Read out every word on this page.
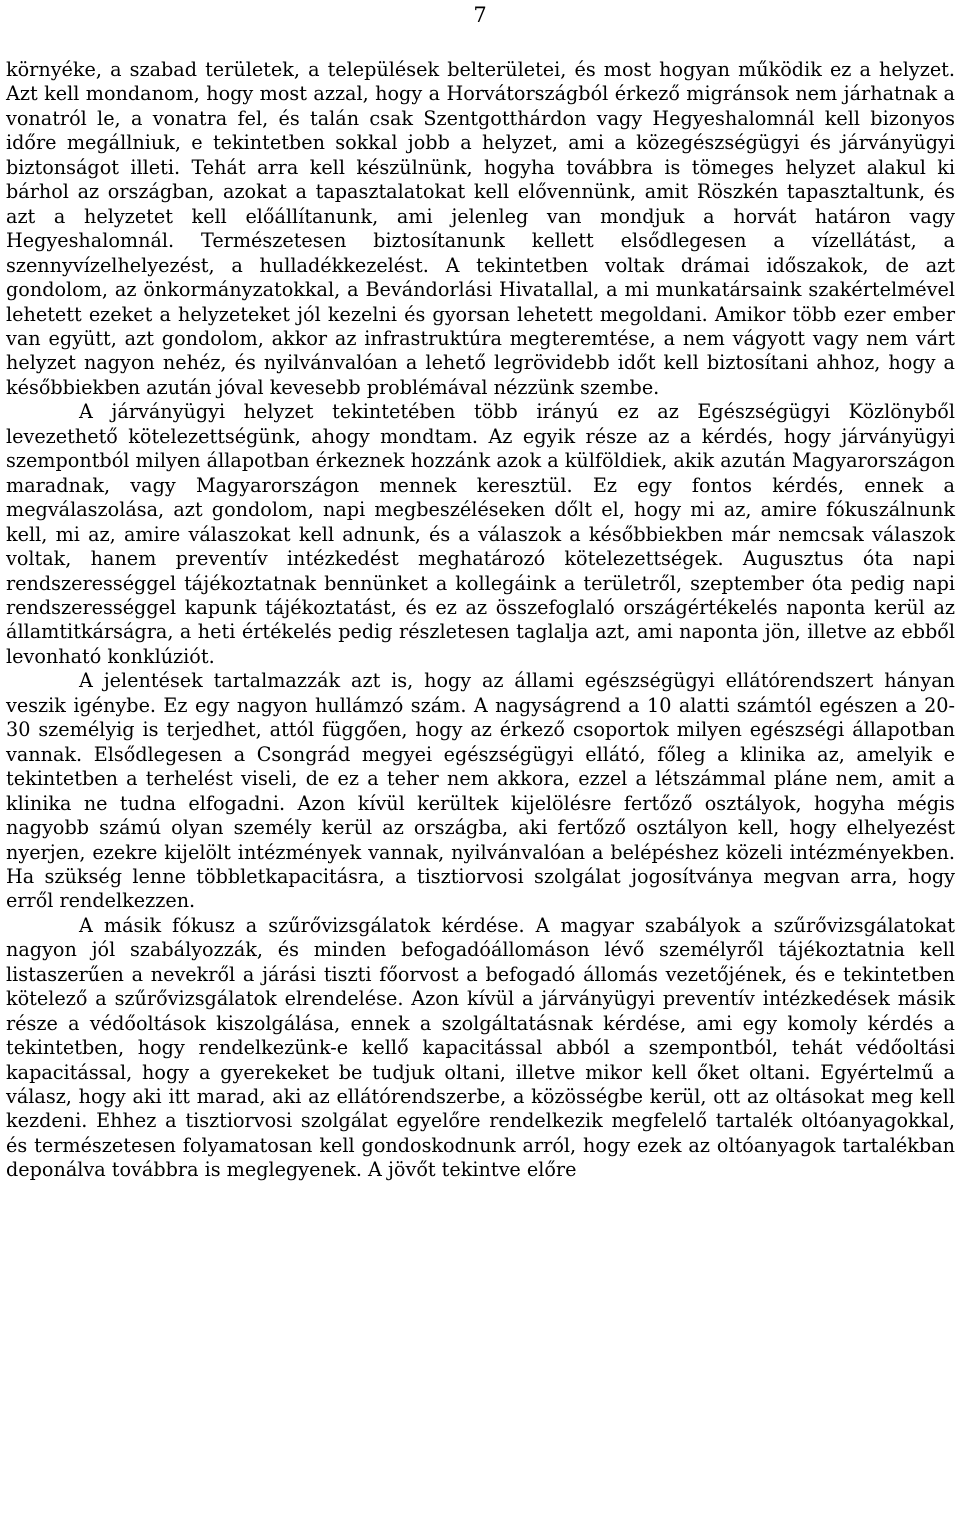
7

környéke, a szabad területek, a települések belterületei, és most hogyan működik ez a helyzet. Azt kell mondanom, hogy most azzal, hogy a Horvátországból érkező migránsok nem járhatnak a vonatról le, a vonatra fel, és talán csak Szentgotthárdon vagy Hegyeshalomnál kell bizonyos időre megállniuk, e tekintetben sokkal jobb a helyzet, ami a közegészségügyi és járványügyi biztonságot illeti. Tehát arra kell készülnünk, hogyha továbbra is tömeges helyzet alakul ki bárhol az országban, azokat a tapasztalatokat kell elővennünk, amit Röszkén tapasztaltunk, és azt a helyzetet kell előállítanunk, ami jelenleg van mondjuk a horvát határon vagy Hegyeshalomnál. Természetesen biztosítanunk kellett elsődlegesen a vízellátást, a szennyvízelhelyezést, a hulladékkezelést. A tekintetben voltak drámai időszakok, de azt gondolom, az önkormányzatokkal, a Bevándorlási Hivatallal, a mi munkatársaink szakértelmével lehetett ezeket a helyzeteket jól kezelni és gyorsan lehetett megoldani. Amikor több ezer ember van együtt, azt gondolom, akkor az infrastruktúra megteremtése, a nem vágyott vagy nem várt helyzet nagyon nehéz, és nyilvánvalóan a lehető legrövidebb időt kell biztosítani ahhoz, hogy a későbbiekben azután jóval kevesebb problémával nézzünk szembe.

A járványügyi helyzet tekintetében több irányú ez az Egészségügyi Közlönyből levezethető kötelezettségünk, ahogy mondtam. Az egyik része az a kérdés, hogy járványügyi szempontból milyen állapotban érkeznek hozzánk azok a külföldiek, akik azután Magyarországon maradnak, vagy Magyarországon mennek keresztül. Ez egy fontos kérdés, ennek a megválaszolása, azt gondolom, napi megbeszéléseken dőlt el, hogy mi az, amire fókuszálnunk kell, mi az, amire válaszokat kell adnunk, és a válaszok a későbbiekben már nemcsak válaszok voltak, hanem preventív intézkedést meghatározó kötelezettségek. Augusztus óta napi rendszerességgel tájékoztatnak bennünket a kollegáink a területről, szeptember óta pedig napi rendszerességgel kapunk tájékoztatást, és ez az összefoglaló országértékelés naponta kerül az államtitkárságra, a heti értékelés pedig részletesen taglalja azt, ami naponta jön, illetve az ebből levonható konklúziót.

A jelentések tartalmazzák azt is, hogy az állami egészségügyi ellátórendszert hányan veszik igénybe. Ez egy nagyon hullámzó szám. A nagyságrend a 10 alatti számtól egészen a 20-30 személyig is terjedhet, attól függően, hogy az érkező csoportok milyen egészségi állapotban vannak. Elsődlegesen a Csongrád megyei egészségügyi ellátó, főleg a klinika az, amelyik e tekintetben a terhelést viseli, de ez a teher nem akkora, ezzel a létszámmal pláne nem, amit a klinika ne tudna elfogadni. Azon kívül kerültek kijelölésre fertőző osztályok, hogyha mégis nagyobb számú olyan személy kerül az országba, aki fertőző osztályon kell, hogy elhelyezést nyerjen, ezekre kijelölt intézmények vannak, nyilvánvalóan a belépéshez közeli intézményekben. Ha szükség lenne többletkapacitásra, a tisztiorvosi szolgálat jogosítványa megvan arra, hogy erről rendelkezzen.

A másik fókusz a szűrővizsgálatok kérdése. A magyar szabályok a szűrővizsgálatokat nagyon jól szabályozzák, és minden befogadóállomáson lévő személyről tájékoztatnia kell listaszerűen a nevekről a járási tiszti főorvost a befogadó állomás vezetőjének, és e tekintetben kötelező a szűrővizsgálatok elrendelése. Azon kívül a járványügyi preventív intézkedések másik része a védőoltások kiszolgálása, ennek a szolgáltatásnak kérdése, ami egy komoly kérdés a tekintetben, hogy rendelkezünk-e kellő kapacitással abból a szempontból, tehát védőoltási kapacitással, hogy a gyerekeket be tudjuk oltani, illetve mikor kell őket oltani. Egyértelmű a válasz, hogy aki itt marad, aki az ellátórendszerbe, a közösségbe kerül, ott az oltásokat meg kell kezdeni. Ehhez a tisztiorvosi szolgálat egyelőre rendelkezik megfelelő tartalék oltóanyagokkal, és természetesen folyamatosan kell gondoskodnunk arról, hogy ezek az oltóanyagok tartalékban deponálva továbbra is meglegyenek. A jövőt tekintve előre
